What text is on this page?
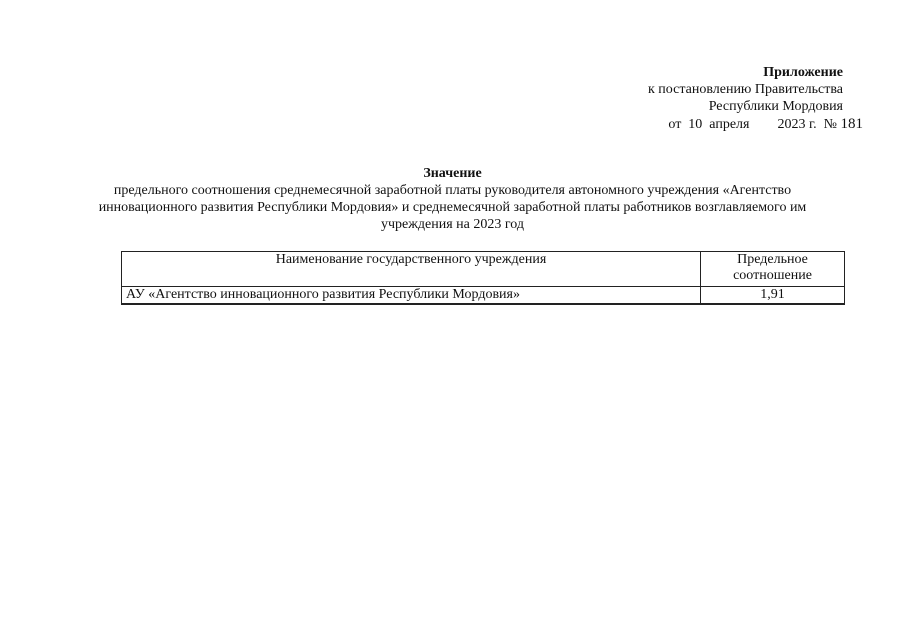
Приложение
к постановлению Правительства
Республики Мордовия
от  10  апреля        2023 г.  № 181
Значение
предельного соотношения среднемесячной заработной платы руководителя автономного учреждения «Агентство инновационного развития Республики Мордовия» и среднемесячной заработной платы работников возглавляемого им учреждения на 2023 год
Наименование государственного учреждения	Предельное соотношение
АУ «Агентство инновационного развития Республики Мордовия»	1,91
